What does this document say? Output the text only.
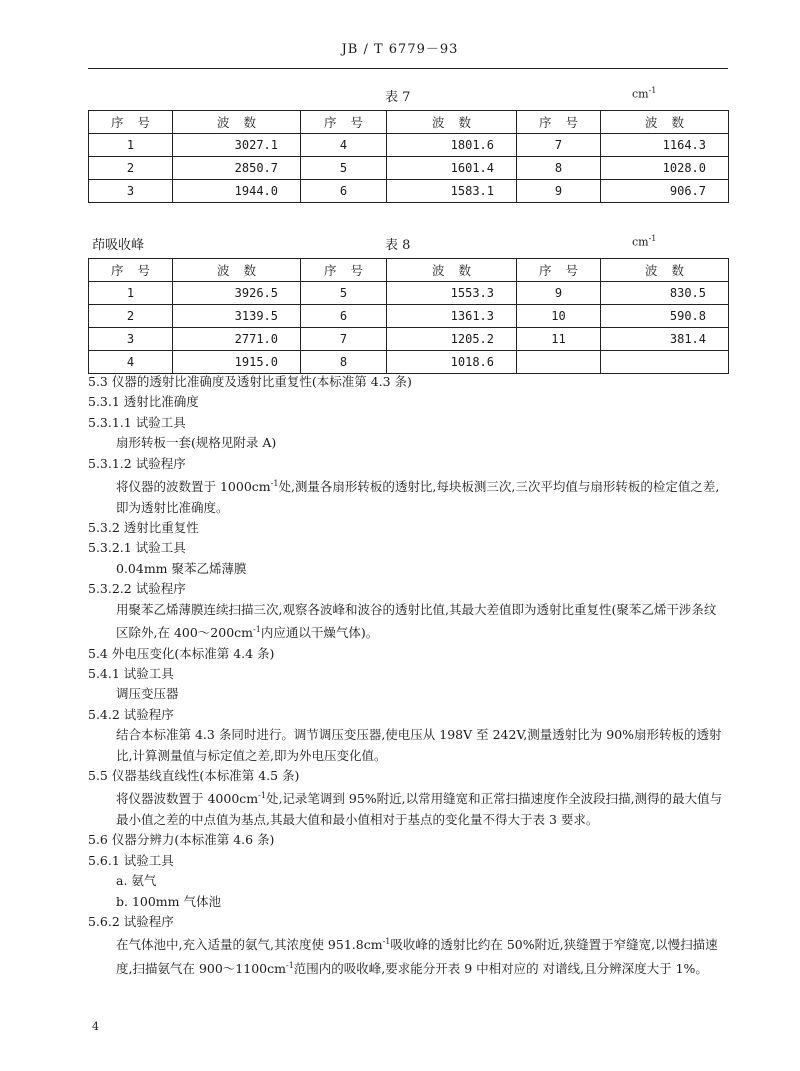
JB / T 6779－93
表 7	$cm^{-1}$
序号	波数	序号	波数	序号	波数
1	3027.1	4	1801.6	7	1164.3
2	2850.7	5	1601.4	8	1028.0
3	1944.0	6	1583.1	9	906.7
茚吸收峰	表 8	$cm^{-1}$
序号	波数	序号	波数	序号	波数
1	3926.5	5	1553.3	9	830.5
2	3139.5	6	1361.3	10	590.8
3	2771.0	7	1205.2	11	381.4
4	1915.0	8	1018.6		

5.3 仪器的透射比准确度及透射比重复性(本标准第 4.3 条)

5.3.1 透射比准确度

5.3.1.1 试验工具

扇形转板一套(规格见附录 A)

5.3.1.2 试验程序

将仪器的波数置于 $1000cm^{-1}$处,测量各扇形转板的透射比,每块板测三次,三次平均值与扇形转板的检定值之差,即为透射比准确度。

5.3.2 透射比重复性

5.3.2.1 试验工具

0.04mm 聚苯乙烯薄膜

5.3.2.2 试验程序

用聚苯乙烯薄膜连续扫描三次,观察各波峰和波谷的透射比值,其最大差值即为透射比重复性(聚苯乙烯干涉条纹区除外,在 $400\sim 200cm^{-1}$内应通以干燥气体)。

5.4 外电压变化(本标准第 4.4 条)

5.4.1 试验工具

调压变压器

5.4.2 试验程序

结合本标准第 4.3 条同时进行。调节调压变压器,使电压从 198V 至 242V,测量透射比为 90%扇形转板的透射比,计算测量值与标定值之差,即为外电压变化值。

5.5 仪器基线直线性(本标准第 4.5 条)

将仪器波数置于 $4000cm^{-1}$处,记录笔调到 95%附近,以常用缝宽和正常扫描速度作全波段扫描,测得的最大值与最小值之差的中点值为基点,其最大值和最小值相对于基点的变化量不得大于表 3 要求。

5.6 仪器分辨力(本标准第 4.6 条)

5.6.1 试验工具

a. 氨气

b. 100mm 气体池

5.6.2 试验程序

在气体池中,充入适量的氨气,其浓度使 $951.8cm^{-1}$吸收峰的透射比约在 50%附近,狭缝置于窄缝宽,以慢扫描速度,扫描氨气在 $900\sim 1100cm^{-1}$范围内的吸收峰,要求能分开表 9 中相对应的 对谱线,且分辨深度大于 1%。

4
